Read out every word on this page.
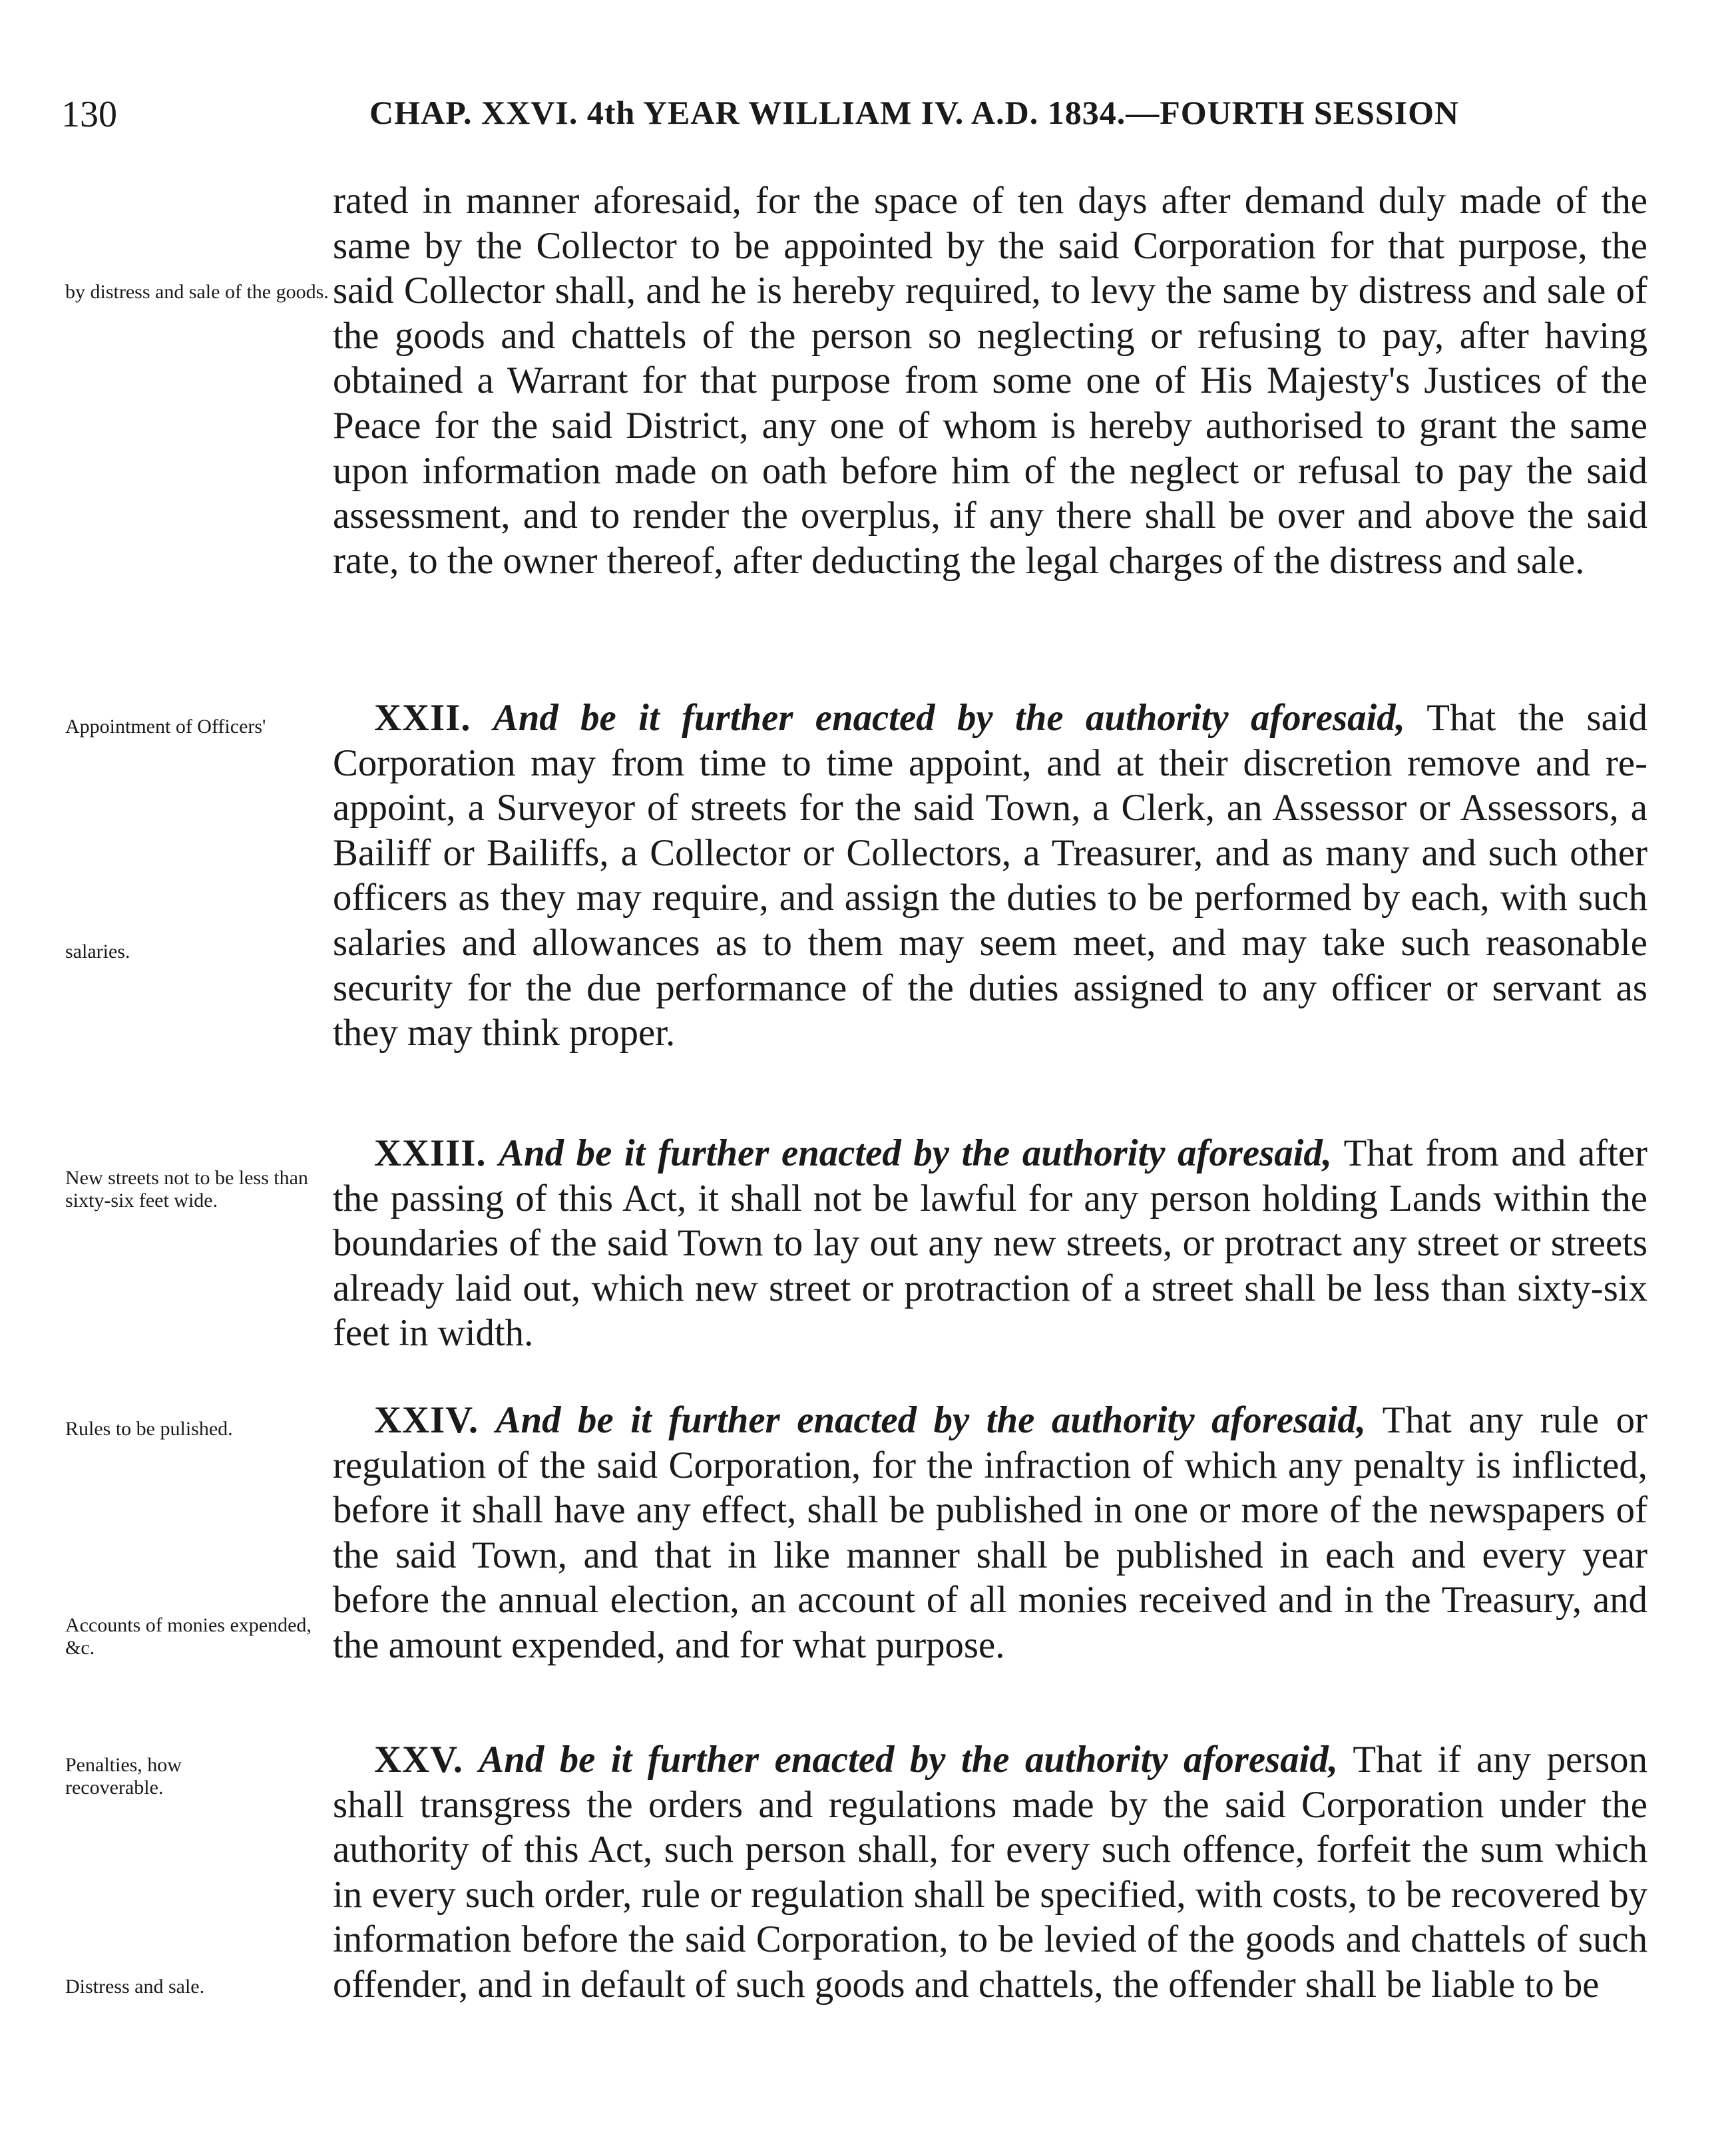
130	CHAP. XXVI. 4th YEAR WILLIAM IV. A.D. 1834.—FOURTH SESSION
by distress and sale of the goods.
Appointment of Officers'
salaries.
New streets not to be less than sixty-six feet wide.
Rules to be pulished.
Accounts of monies expended, &c.
Penalties, how recoverable.
Distress and sale.
rated in manner aforesaid, for the space of ten days after demand duly made of the same by the Collector to be appointed by the said Corporation for that purpose, the said Collector shall, and he is hereby required, to levy the same by distress and sale of the goods and chattels of the person so neglecting or refusing to pay, after having obtained a Warrant for that purpose from some one of His Majesty's Justices of the Peace for the said District, any one of whom is hereby authorised to grant the same upon information made on oath before him of the neglect or refusal to pay the said assessment, and to render the overplus, if any there shall be over and above the said rate, to the owner thereof, after deducting the legal charges of the distress and sale.
XXII. And be it further enacted by the authority aforesaid, That the said Corporation may from time to time appoint, and at their discretion remove and re-appoint, a Surveyor of streets for the said Town, a Clerk, an Assessor or Assessors, a Bailiff or Bailiffs, a Collector or Collectors, a Treasurer, and as many and such other officers as they may require, and assign the duties to be performed by each, with such salaries and allowances as to them may seem meet, and may take such reasonable security for the due performance of the duties assigned to any officer or servant as they may think proper.
XXIII. And be it further enacted by the authority aforesaid, That from and after the passing of this Act, it shall not be lawful for any person holding Lands within the boundaries of the said Town to lay out any new streets, or protract any street or streets already laid out, which new street or protraction of a street shall be less than sixty-six feet in width.
XXIV. And be it further enacted by the authority aforesaid, That any rule or regulation of the said Corporation, for the infraction of which any penalty is inflicted, before it shall have any effect, shall be published in one or more of the newspapers of the said Town, and that in like manner shall be published in each and every year before the annual election, an account of all monies received and in the Treasury, and the amount expended, and for what purpose.
XXV. And be it further enacted by the authority aforesaid, That if any person shall transgress the orders and regulations made by the said Corporation under the authority of this Act, such person shall, for every such offence, forfeit the sum which in every such order, rule or regulation shall be specified, with costs, to be recovered by information before the said Corporation, to be levied of the goods and chattels of such offender, and in default of such goods and chattels, the offender shall be liable to be
